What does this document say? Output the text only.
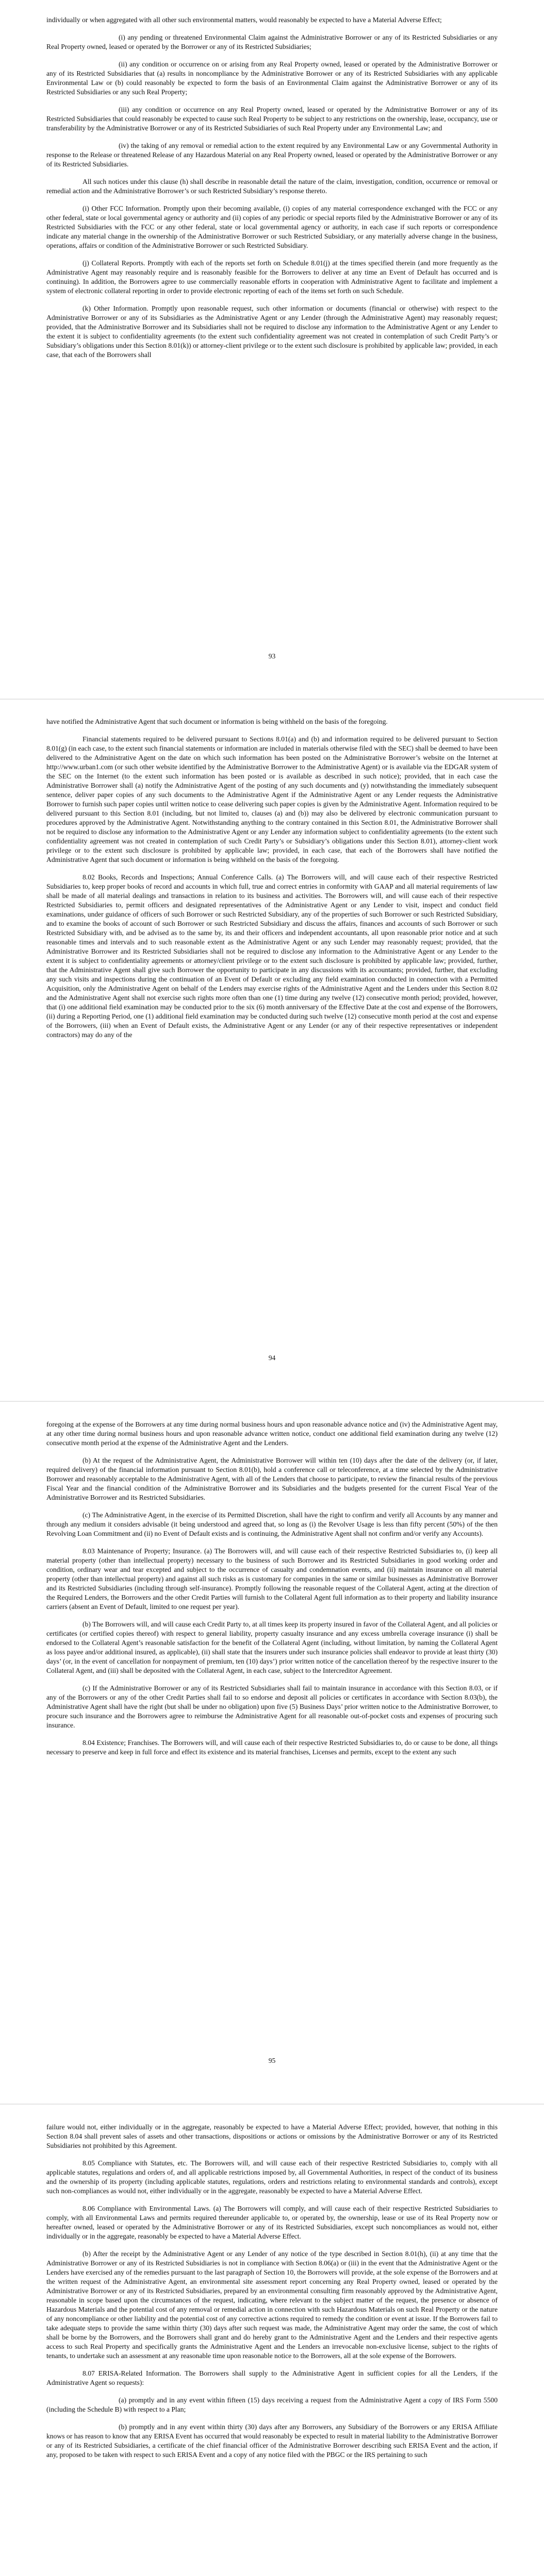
individually or when aggregated with all other such environmental matters, would reasonably be expected to have a Material Adverse Effect;

(i) any pending or threatened Environmental Claim against the Administrative Borrower or any of its Restricted Subsidiaries or any Real Property owned, leased or operated by the Borrower or any of its Restricted Subsidiaries;

(ii) any condition or occurrence on or arising from any Real Property owned, leased or operated by the Administrative Borrower or any of its Restricted Subsidiaries that (a) results in noncompliance by the Administrative Borrower or any of its Restricted Subsidiaries with any applicable Environmental Law or (b) could reasonably be expected to form the basis of an Environmental Claim against the Administrative Borrower or any of its Restricted Subsidiaries or any such Real Property;

(iii) any condition or occurrence on any Real Property owned, leased or operated by the Administrative Borrower or any of its Restricted Subsidiaries that could reasonably be expected to cause such Real Property to be subject to any restrictions on the ownership, lease, occupancy, use or transferability by the Administrative Borrower or any of its Restricted Subsidiaries of such Real Property under any Environmental Law; and

(iv) the taking of any removal or remedial action to the extent required by any Environmental Law or any Governmental Authority in response to the Release or threatened Release of any Hazardous Material on any Real Property owned, leased or operated by the Administrative Borrower or any of its Restricted Subsidiaries.

All such notices under this clause (h) shall describe in reasonable detail the nature of the claim, investigation, condition, occurrence or removal or remedial action and the Administrative Borrower’s or such Restricted Subsidiary’s response thereto.

(i) Other FCC Information. Promptly upon their becoming available, (i) copies of any material correspondence exchanged with the FCC or any other federal, state or local governmental agency or authority and (ii) copies of any periodic or special reports filed by the Administrative Borrower or any of its Restricted Subsidiaries with the FCC or any other federal, state or local governmental agency or authority, in each case if such reports or correspondence indicate any material change in the ownership of the Administrative Borrower or such Restricted Subsidiary, or any materially adverse change in the business, operations, affairs or condition of the Administrative Borrower or such Restricted Subsidiary.

(j) Collateral Reports. Promptly with each of the reports set forth on Schedule 8.01(j) at the times specified therein (and more frequently as the Administrative Agent may reasonably require and is reasonably feasible for the Borrowers to deliver at any time an Event of Default has occurred and is continuing). In addition, the Borrowers agree to use commercially reasonable efforts in cooperation with Administrative Agent to facilitate and implement a system of electronic collateral reporting in order to provide electronic reporting of each of the items set forth on such Schedule.

(k) Other Information. Promptly upon reasonable request, such other information or documents (financial or otherwise) with respect to the Administrative Borrower or any of its Subsidiaries as the Administrative Agent or any Lender (through the Administrative Agent) may reasonably request; provided, that the Administrative Borrower and its Subsidiaries shall not be required to disclose any information to the Administrative Agent or any Lender to the extent it is subject to confidentiality agreements (to the extent such confidentiality agreement was not created in contemplation of such Credit Party’s or Subsidiary’s obligations under this Section 8.01(k)) or attorney-client privilege or to the extent such disclosure is prohibited by applicable law; provided, in each case, that each of the Borrowers shall

93

have notified the Administrative Agent that such document or information is being withheld on the basis of the foregoing.

Financial statements required to be delivered pursuant to Sections 8.01(a) and (b) and information required to be delivered pursuant to Section 8.01(g) (in each case, to the extent such financial statements or information are included in materials otherwise filed with the SEC) shall be deemed to have been delivered to the Administrative Agent on the date on which such information has been posted on the Administrative Borrower’s website on the Internet at http://www.urban1.com (or such other website identified by the Administrative Borrower to the Administrative Agent) or is available via the EDGAR system of the SEC on the Internet (to the extent such information has been posted or is available as described in such notice); provided, that in each case the Administrative Borrower shall (a) notify the Administrative Agent of the posting of any such documents and (y) notwithstanding the immediately subsequent sentence, deliver paper copies of any such documents to the Administrative Agent if the Administrative Agent or any Lender requests the Administrative Borrower to furnish such paper copies until written notice to cease delivering such paper copies is given by the Administrative Agent. Information required to be delivered pursuant to this Section 8.01 (including, but not limited to, clauses (a) and (b)) may also be delivered by electronic communication pursuant to procedures approved by the Administrative Agent. Notwithstanding anything to the contrary contained in this Section 8.01, the Administrative Borrower shall not be required to disclose any information to the Administrative Agent or any Lender any information subject to confidentiality agreements (to the extent such confidentiality agreement was not created in contemplation of such Credit Party’s or Subsidiary’s obligations under this Section 8.01), attorney-client work privilege or to the extent such disclosure is prohibited by applicable law; provided, in each case, that each of the Borrowers shall have notified the Administrative Agent that such document or information is being withheld on the basis of the foregoing.

8.02 Books, Records and Inspections; Annual Conference Calls. (a) The Borrowers will, and will cause each of their respective Restricted Subsidiaries to, keep proper books of record and accounts in which full, true and correct entries in conformity with GAAP and all material requirements of law shall be made of all material dealings and transactions in relation to its business and activities. The Borrowers will, and will cause each of their respective Restricted Subsidiaries to, permit officers and designated representatives of the Administrative Agent or any Lender to visit, inspect and conduct field examinations, under guidance of officers of such Borrower or such Restricted Subsidiary, any of the properties of such Borrower or such Restricted Subsidiary, and to examine the books of account of such Borrower or such Restricted Subsidiary and discuss the affairs, finances and accounts of such Borrower or such Restricted Subsidiary with, and be advised as to the same by, its and their officers and independent accountants, all upon reasonable prior notice and at such reasonable times and intervals and to such reasonable extent as the Administrative Agent or any such Lender may reasonably request; provided, that the Administrative Borrower and its Restricted Subsidiaries shall not be required to disclose any information to the Administrative Agent or any Lender to the extent it is subject to confidentiality agreements or attorney/client privilege or to the extent such disclosure is prohibited by applicable law; provided, further, that the Administrative Agent shall give such Borrower the opportunity to participate in any discussions with its accountants; provided, further, that excluding any such visits and inspections during the continuation of an Event of Default or excluding any field examination conducted in connection with a Permitted Acquisition, only the Administrative Agent on behalf of the Lenders may exercise rights of the Administrative Agent and the Lenders under this Section 8.02 and the Administrative Agent shall not exercise such rights more often than one (1) time during any twelve (12) consecutive month period; provided, however, that (i) one additional field examination may be conducted prior to the six (6) month anniversary of the Effective Date at the cost and expense of the Borrowers, (ii) during a Reporting Period, one (1) additional field examination may be conducted during such twelve (12) consecutive month period at the cost and expense of the Borrowers, (iii) when an Event of Default exists, the Administrative Agent or any Lender (or any of their respective representatives or independent contractors) may do any of the

94

foregoing at the expense of the Borrowers at any time during normal business hours and upon reasonable advance notice and (iv) the Administrative Agent may, at any other time during normal business hours and upon reasonable advance written notice, conduct one additional field examination during any twelve (12) consecutive month period at the expense of the Administrative Agent and the Lenders.

(b) At the request of the Administrative Agent, the Administrative Borrower will within ten (10) days after the date of the delivery (or, if later, required delivery) of the financial information pursuant to Section 8.01(b), hold a conference call or teleconference, at a time selected by the Administrative Borrower and reasonably acceptable to the Administrative Agent, with all of the Lenders that choose to participate, to review the financial results of the previous Fiscal Year and the financial condition of the Administrative Borrower and its Subsidiaries and the budgets presented for the current Fiscal Year of the Administrative Borrower and its Restricted Subsidiaries.

(c) The Administrative Agent, in the exercise of its Permitted Discretion, shall have the right to confirm and verify all Accounts by any manner and through any medium it considers advisable (it being understood and agreed that, so long as (i) the Revolver Usage is less than fifty percent (50%) of the then Revolving Loan Commitment and (ii) no Event of Default exists and is continuing, the Administrative Agent shall not confirm and/or verify any Accounts).

8.03 Maintenance of Property; Insurance. (a) The Borrowers will, and will cause each of their respective Restricted Subsidiaries to, (i) keep all material property (other than intellectual property) necessary to the business of such Borrower and its Restricted Subsidiaries in good working order and condition, ordinary wear and tear excepted and subject to the occurrence of casualty and condemnation events, and (ii) maintain insurance on all material property (other than intellectual property) and against all such risks as is customary for companies in the same or similar businesses as Administrative Borrower and its Restricted Subsidiaries (including through self-insurance). Promptly following the reasonable request of the Collateral Agent, acting at the direction of the Required Lenders, the Borrowers and the other Credit Parties will furnish to the Collateral Agent full information as to their property and liability insurance carriers (absent an Event of Default, limited to one request per year).

(b) The Borrowers will, and will cause each Credit Party to, at all times keep its property insured in favor of the Collateral Agent, and all policies or certificates (or certified copies thereof) with respect to general liability, property casualty insurance and any excess umbrella coverage insurance (i) shall be endorsed to the Collateral Agent’s reasonable satisfaction for the benefit of the Collateral Agent (including, without limitation, by naming the Collateral Agent as loss payee and/or additional insured, as applicable), (ii) shall state that the insurers under such insurance policies shall endeavor to provide at least thirty (30) days’ (or, in the event of cancellation for nonpayment of premium, ten (10) days’) prior written notice of the cancellation thereof by the respective insurer to the Collateral Agent, and (iii) shall be deposited with the Collateral Agent, in each case, subject to the Intercreditor Agreement.

(c) If the Administrative Borrower or any of its Restricted Subsidiaries shall fail to maintain insurance in accordance with this Section 8.03, or if any of the Borrowers or any of the other Credit Parties shall fail to so endorse and deposit all policies or certificates in accordance with Section 8.03(b), the Administrative Agent shall have the right (but shall be under no obligation) upon five (5) Business Days’ prior written notice to the Administrative Borrower, to procure such insurance and the Borrowers agree to reimburse the Administrative Agent for all reasonable out-of-pocket costs and expenses of procuring such insurance.

8.04 Existence; Franchises. The Borrowers will, and will cause each of their respective Restricted Subsidiaries to, do or cause to be done, all things necessary to preserve and keep in full force and effect its existence and its material franchises, Licenses and permits, except to the extent any such

95

failure would not, either individually or in the aggregate, reasonably be expected to have a Material Adverse Effect; provided, however, that nothing in this Section 8.04 shall prevent sales of assets and other transactions, dispositions or actions or omissions by the Administrative Borrower or any of its Restricted Subsidiaries not prohibited by this Agreement.

8.05 Compliance with Statutes, etc. The Borrowers will, and will cause each of their respective Restricted Subsidiaries to, comply with all applicable statutes, regulations and orders of, and all applicable restrictions imposed by, all Governmental Authorities, in respect of the conduct of its business and the ownership of its property (including applicable statutes, regulations, orders and restrictions relating to environmental standards and controls), except such non-compliances as would not, either individually or in the aggregate, reasonably be expected to have a Material Adverse Effect.

8.06 Compliance with Environmental Laws. (a) The Borrowers will comply, and will cause each of their respective Restricted Subsidiaries to comply, with all Environmental Laws and permits required thereunder applicable to, or operated by, the ownership, lease or use of its Real Property now or hereafter owned, leased or operated by the Administrative Borrower or any of its Restricted Subsidiaries, except such noncompliances as would not, either individually or in the aggregate, reasonably be expected to have a Material Adverse Effect.

(b) After the receipt by the Administrative Agent or any Lender of any notice of the type described in Section 8.01(h), (ii) at any time that the Administrative Borrower or any of its Restricted Subsidiaries is not in compliance with Section 8.06(a) or (iii) in the event that the Administrative Agent or the Lenders have exercised any of the remedies pursuant to the last paragraph of Section 10, the Borrowers will provide, at the sole expense of the Borrowers and at the written request of the Administrative Agent, an environmental site assessment report concerning any Real Property owned, leased or operated by the Administrative Borrower or any of its Restricted Subsidiaries, prepared by an environmental consulting firm reasonably approved by the Administrative Agent, reasonable in scope based upon the circumstances of the request, indicating, where relevant to the subject matter of the request, the presence or absence of Hazardous Materials and the potential cost of any removal or remedial action in connection with such Hazardous Materials on such Real Property or the nature of any noncompliance or other liability and the potential cost of any corrective actions required to remedy the condition or event at issue. If the Borrowers fail to take adequate steps to provide the same within thirty (30) days after such request was made, the Administrative Agent may order the same, the cost of which shall be borne by the Borrowers, and the Borrowers shall grant and do hereby grant to the Administrative Agent and the Lenders and their respective agents access to such Real Property and specifically grants the Administrative Agent and the Lenders an irrevocable non-exclusive license, subject to the rights of tenants, to undertake such an assessment at any reasonable time upon reasonable notice to the Borrowers, all at the sole expense of the Borrowers.

8.07 ERISA-Related Information. The Borrowers shall supply to the Administrative Agent in sufficient copies for all the Lenders, if the Administrative Agent so requests):

(a) promptly and in any event within fifteen (15) days receiving a request from the Administrative Agent a copy of IRS Form 5500 (including the Schedule B) with respect to a Plan;

(b) promptly and in any event within thirty (30) days after any Borrowers, any Subsidiary of the Borrowers or any ERISA Affiliate knows or has reason to know that any ERISA Event has occurred that would reasonably be expected to result in material liability to the Administrative Borrower or any of its Restricted Subsidiaries, a certificate of the chief financial officer of the Administrative Borrower describing such ERISA Event and the action, if any, proposed to be taken with respect to such ERISA Event and a copy of any notice filed with the PBGC or the IRS pertaining to such
